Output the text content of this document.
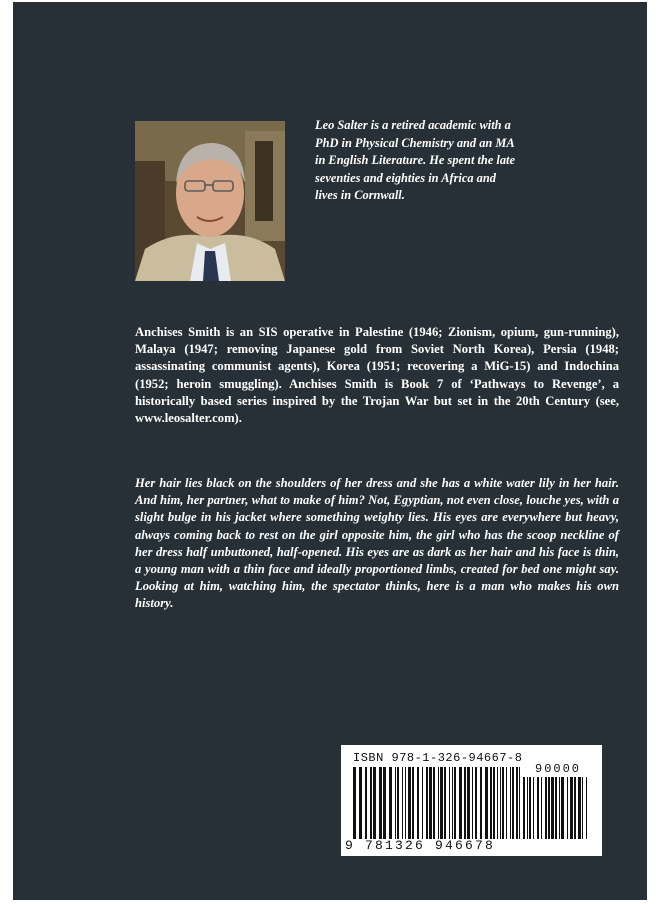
Leo Salter is a retired academic with a PhD in Physical Chemistry and an MA in English Literature. He spent the late seventies and eighties in Africa and lives in Cornwall.
Anchises Smith is an SIS operative in Palestine (1946; Zionism, opium, gun-running), Malaya (1947; removing Japanese gold from Soviet North Korea), Persia (1948; assassinating communist agents), Korea (1951; recovering a MiG-15) and Indochina (1952; heroin smuggling). Anchises Smith is Book 7 of ‘Pathways to Revenge’, a historically based series inspired by the Trojan War but set in the 20th Century (see, www.leosalter.com).
Her hair lies black on the shoulders of her dress and she has a white water lily in her hair. And him, her partner, what to make of him? Not, Egyptian, not even close, louche yes, with a slight bulge in his jacket where something weighty lies. His eyes are everywhere but heavy, always coming back to rest on the girl opposite him, the girl who has the scoop neckline of her dress half unbuttoned, half-opened. His eyes are as dark as her hair and his face is thin, a young man with a thin face and ideally proportioned limbs, created for bed one might say. Looking at him, watching him, the spectator thinks, here is a man who makes his own history.
ISBN 978-1-326-94667-8
90000
9 781326 946678
